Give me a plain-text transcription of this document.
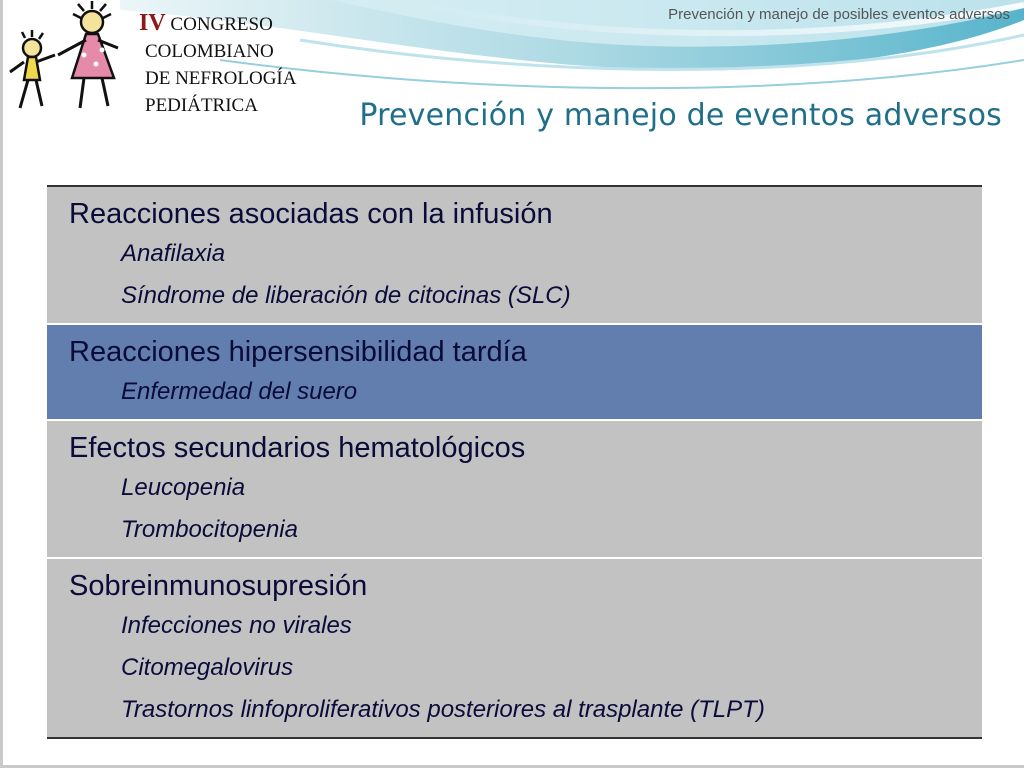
IV CONGRESO
COLOMBIANO
DE NEFROLOGÍA
PEDIÁTRICA
Prevención y manejo de posibles eventos adversos
Prevención y manejo de eventos adversos
Reacciones asociadas con la infusión
Anafilaxia
Síndrome de liberación de citocinas (SLC)
Reacciones hipersensibilidad tardía
Enfermedad del suero
Efectos secundarios hematológicos
Leucopenia
Trombocitopenia
Sobreinmunosupresión
Infecciones no virales
Citomegalovirus
Trastornos linfoproliferativos posteriores al trasplante (TLPT)
